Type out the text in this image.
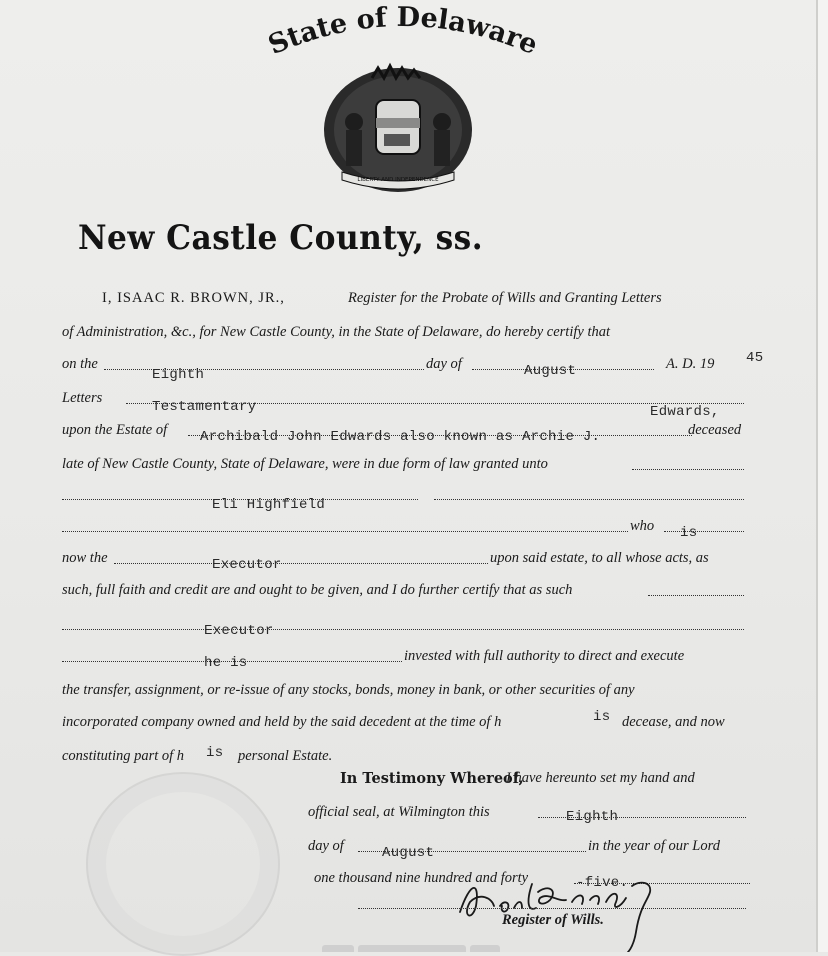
State of Delaware
LIBERTY AND INDEPENDENCE
New Castle County, ss.
I, ISAAC R. BROWN, JR.,	Register for the Probate of Wills and Granting Letters
of Administration, &c., for New Castle County, in the State of Delaware, do hereby certify that
on the
Eighth
day of	August	A. D. 19 45
Letters
Testamentary
upon the Estate of Archibald John Edwards also known as Archie J.
Edwards,
deceased
late of New Castle County, State of Delaware, were in due form of law granted unto
Eli Highfield
who is
now the	Executor	upon said estate, to all whose acts, as
such, full faith and credit are and ought to be given, and I do further certify that as such
Executor
he is	invested with full authority to direct and execute
the transfer, assignment, or re-issue of any stocks, bonds, money in bank, or other securities of any
incorporated company owned and held by the said decedent at the time of h	is decease, and now
constituting part of h is personal Estate.
In Testimony Whereof,
I have hereunto set my hand and
official seal, at Wilmington this	Eighth
day of	August	in the year of our Lord
one thousand nine hundred and forty	-five.
Register of Wills.
